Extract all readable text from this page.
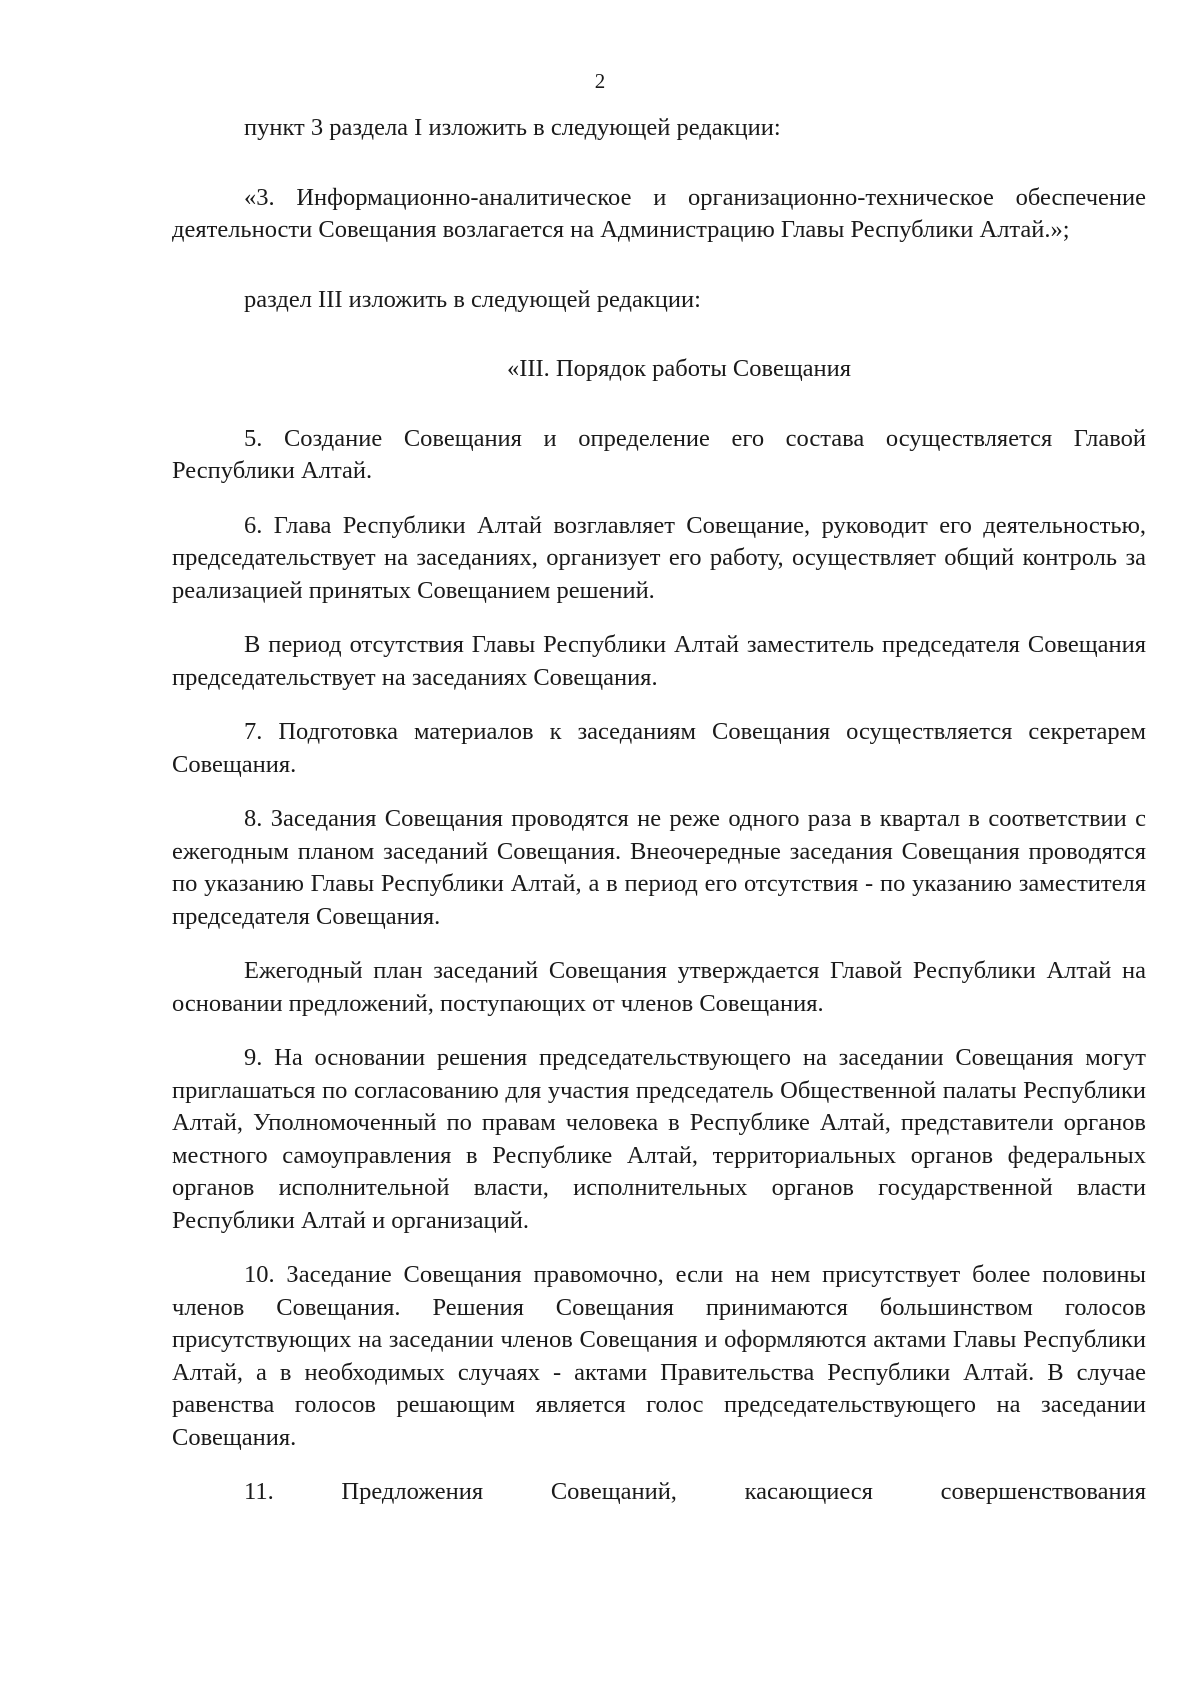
2

пункт 3 раздела I изложить в следующей редакции:

«3. Информационно-аналитическое и организационно-техническое обеспечение деятельности Совещания возлагается на Администрацию Главы Республики Алтай.»;

раздел III изложить в следующей редакции:

«III. Порядок работы Совещания

5. Создание Совещания и определение его состава осуществляется Главой Республики Алтай.

6. Глава Республики Алтай возглавляет Совещание, руководит его деятельностью, председательствует на заседаниях, организует его работу, осуществляет общий контроль за реализацией принятых Совещанием решений.

В период отсутствия Главы Республики Алтай заместитель председателя Совещания председательствует на заседаниях Совещания.

7. Подготовка материалов к заседаниям Совещания осуществляется секретарем Совещания.

8. Заседания Совещания проводятся не реже одного раза в квартал в соответствии с ежегодным планом заседаний Совещания. Внеочередные заседания Совещания проводятся по указанию Главы Республики Алтай, а в период его отсутствия - по указанию заместителя председателя Совещания.

Ежегодный план заседаний Совещания утверждается Главой Республики Алтай на основании предложений, поступающих от членов Совещания.

9. На основании решения председательствующего на заседании Совещания могут приглашаться по согласованию для участия председатель Общественной палаты Республики Алтай, Уполномоченный по правам человека в Республике Алтай, представители органов местного самоуправления в Республике Алтай, территориальных органов федеральных органов исполнительной власти, исполнительных органов государственной власти Республики Алтай и организаций.

10. Заседание Совещания правомочно, если на нем присутствует более половины членов Совещания. Решения Совещания принимаются большинством голосов присутствующих на заседании членов Совещания и оформляются актами Главы Республики Алтай, а в необходимых случаях - актами Правительства Республики Алтай. В случае равенства голосов решающим является голос председательствующего на заседании Совещания.

11. Предложения Совещаний, касающиеся совершенствования
